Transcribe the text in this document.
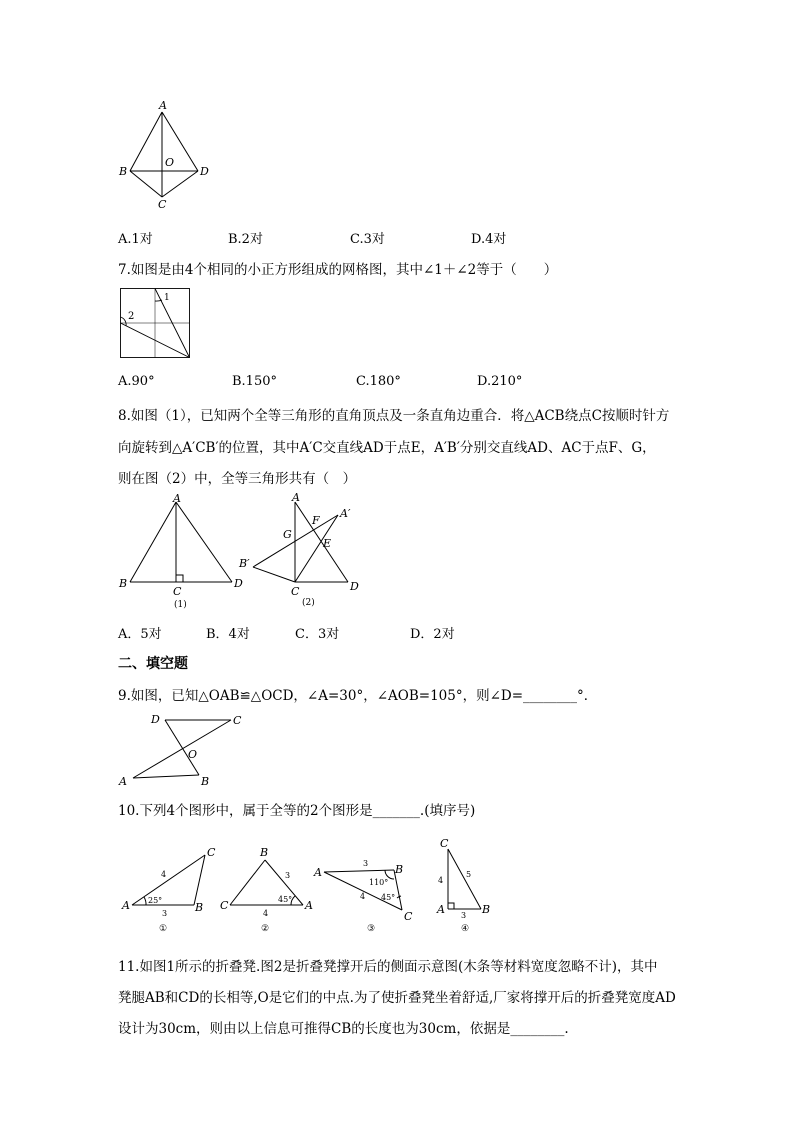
A
B	D
C
O
A.1对	B.2对	C.3对	D.4对
7.如图是由4个相同的小正方形组成的网格图，其中∠1＋∠2等于（　　）
1
2
A.90°	B.150°	C.180°	D.210°
8.如图（1），已知两个全等三角形的直角顶点及一条直角边重合．将△ACB绕点C按顺时针方
向旋转到△A′CB′的位置，其中A′C交直线AD于点E，A′B′分别交直线AD、AC于点F、G，
则在图（2）中，全等三角形共有（　）
A
B	D
C
(1)
A
G
F
A′
E
B′
D
C
(2)
A．5对	B．4对	C．3对	D．2对
二、填空题
9.如图，已知△OAB≌△OCD，∠A=30°，∠AOB=105°，则∠D=________°．
D	C
O
A	B
10.下列4个图形中，属于全等的2个图形是_______.(填序号)
A	B
C
4
3
25°
①
B
C	A
3
4
45°
②
A	B
C
3
4
110°
45°
③
C
A	B
4
5
3
④
11.如图1所示的折叠凳.图2是折叠凳撑开后的侧面示意图(木条等材料宽度忽略不计)，其中
凳腿AB和CD的长相等,O是它们的中点.为了使折叠凳坐着舒适,厂家将撑开后的折叠凳宽度AD
设计为30cm，则由以上信息可推得CB的长度也为30cm，依据是________.
